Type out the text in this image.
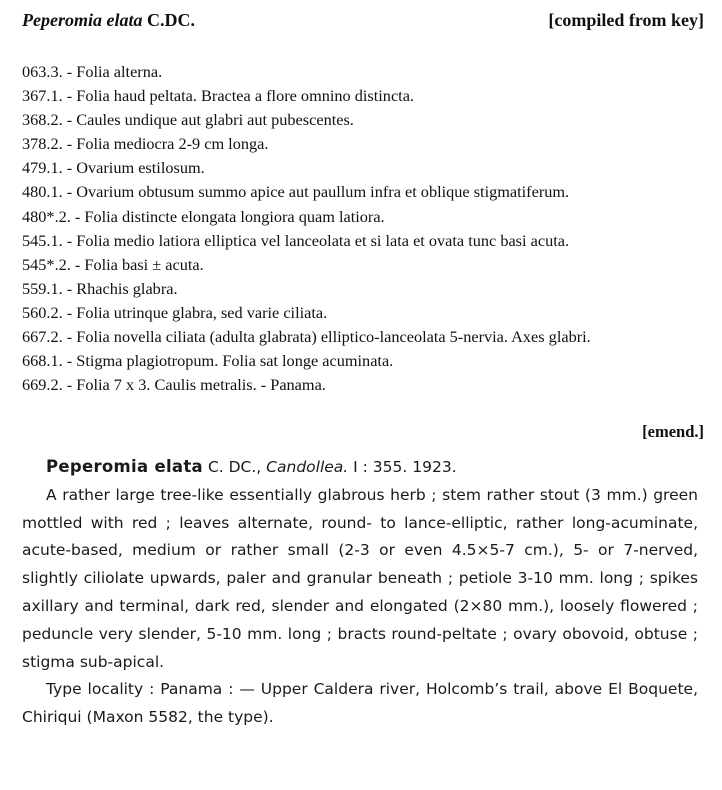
Peperomia elata C.DC.	[compiled from key]
063.3. - Folia alterna.
367.1. - Folia haud peltata. Bractea a flore omnino distincta.
368.2. - Caules undique aut glabri aut pubescentes.
378.2. - Folia mediocra 2-9 cm longa.
479.1. - Ovarium estilosum.
480.1. - Ovarium obtusum summo apice aut paullum infra et oblique stigmatiferum.
480*.2. - Folia distincte elongata longiora quam latiora.
545.1. - Folia medio latiora elliptica vel lanceolata et si lata et ovata tunc basi acuta.
545*.2. - Folia basi ± acuta.
559.1. - Rhachis glabra.
560.2. - Folia utrinque glabra, sed varie ciliata.
667.2. - Folia novella ciliata (adulta glabrata) elliptico-lanceolata 5-nervia. Axes glabri.
668.1. - Stigma plagiotropum. Folia sat longe acuminata.
669.2. - Folia 7 x 3. Caulis metralis. - Panama.
[emend.]

Peperomia elata C. DC., Candollea. I : 355. 1923.

A rather large tree-like essentially glabrous herb ; stem rather stout (3 mm.) green mottled with red ; leaves alternate, round- to lance-elliptic, rather long-acuminate, acute-based, medium or rather small (2-3 or even 4.5×5-7 cm.), 5- or 7-nerved, slightly ciliolate upwards, paler and granular beneath ; petiole 3-10 mm. long ; spikes axillary and terminal, dark red, slender and elongated (2×80 mm.), loosely flowered ; peduncle very slender, 5-10 mm. long ; bracts round-peltate ; ovary obovoid, obtuse ; stigma sub-apical.

Type locality : Panama : — Upper Caldera river, Holcomb’s trail, above El Boquete, Chiriqui (Maxon 5582, the type).
